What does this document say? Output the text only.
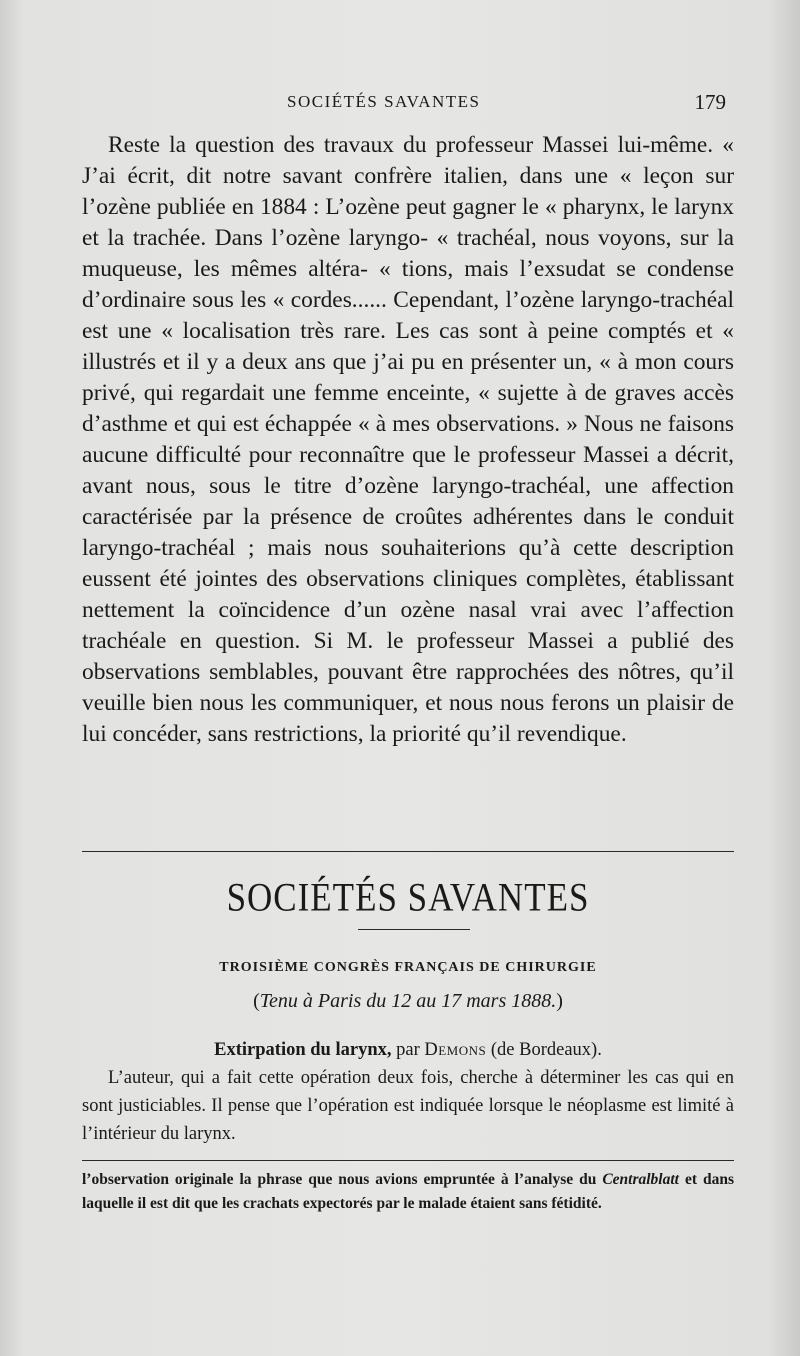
SOCIÉTÉS SAVANTES	179

Reste la question des travaux du professeur Massei lui-même. « J’ai écrit, dit notre savant confrère italien, dans une « leçon sur l’ozène publiée en 1884 : L’ozène peut gagner le « pharynx, le larynx et la trachée. Dans l’ozène laryngo- « trachéal, nous voyons, sur la muqueuse, les mêmes altéra- « tions, mais l’exsudat se condense d’ordinaire sous les « cordes...... Cependant, l’ozène laryngo-trachéal est une « localisation très rare. Les cas sont à peine comptés et « illustrés et il y a deux ans que j’ai pu en présenter un, « à mon cours privé, qui regardait une femme enceinte, « sujette à de graves accès d’asthme et qui est échappée « à mes observations. » Nous ne faisons aucune difficulté pour reconnaître que le professeur Massei a décrit, avant nous, sous le titre d’ozène laryngo-trachéal, une affection caractérisée par la présence de croûtes adhérentes dans le conduit laryngo-trachéal ; mais nous souhaiterions qu’à cette description eussent été jointes des observations cliniques complètes, établissant nettement la coïncidence d’un ozène nasal vrai avec l’affection trachéale en question. Si M. le professeur Massei a publié des observations semblables, pouvant être rapprochées des nôtres, qu’il veuille bien nous les communiquer, et nous nous ferons un plaisir de lui concéder, sans restrictions, la priorité qu’il revendique.

SOCIÉTÉS SAVANTES
TROISIÈME CONGRÈS FRANÇAIS DE CHIRURGIE
(Tenu à Paris du 12 au 17 mars 1888.)
Extirpation du larynx, par Demons (de Bordeaux).

L’auteur, qui a fait cette opération deux fois, cherche à déterminer les cas qui en sont justiciables. Il pense que l’opération est indiquée lorsque le néoplasme est limité à l’intérieur du larynx.

l’observation originale la phrase que nous avions empruntée à l’analyse du Centralblatt et dans laquelle il est dit que les crachats expectorés par le malade étaient sans fétidité.
